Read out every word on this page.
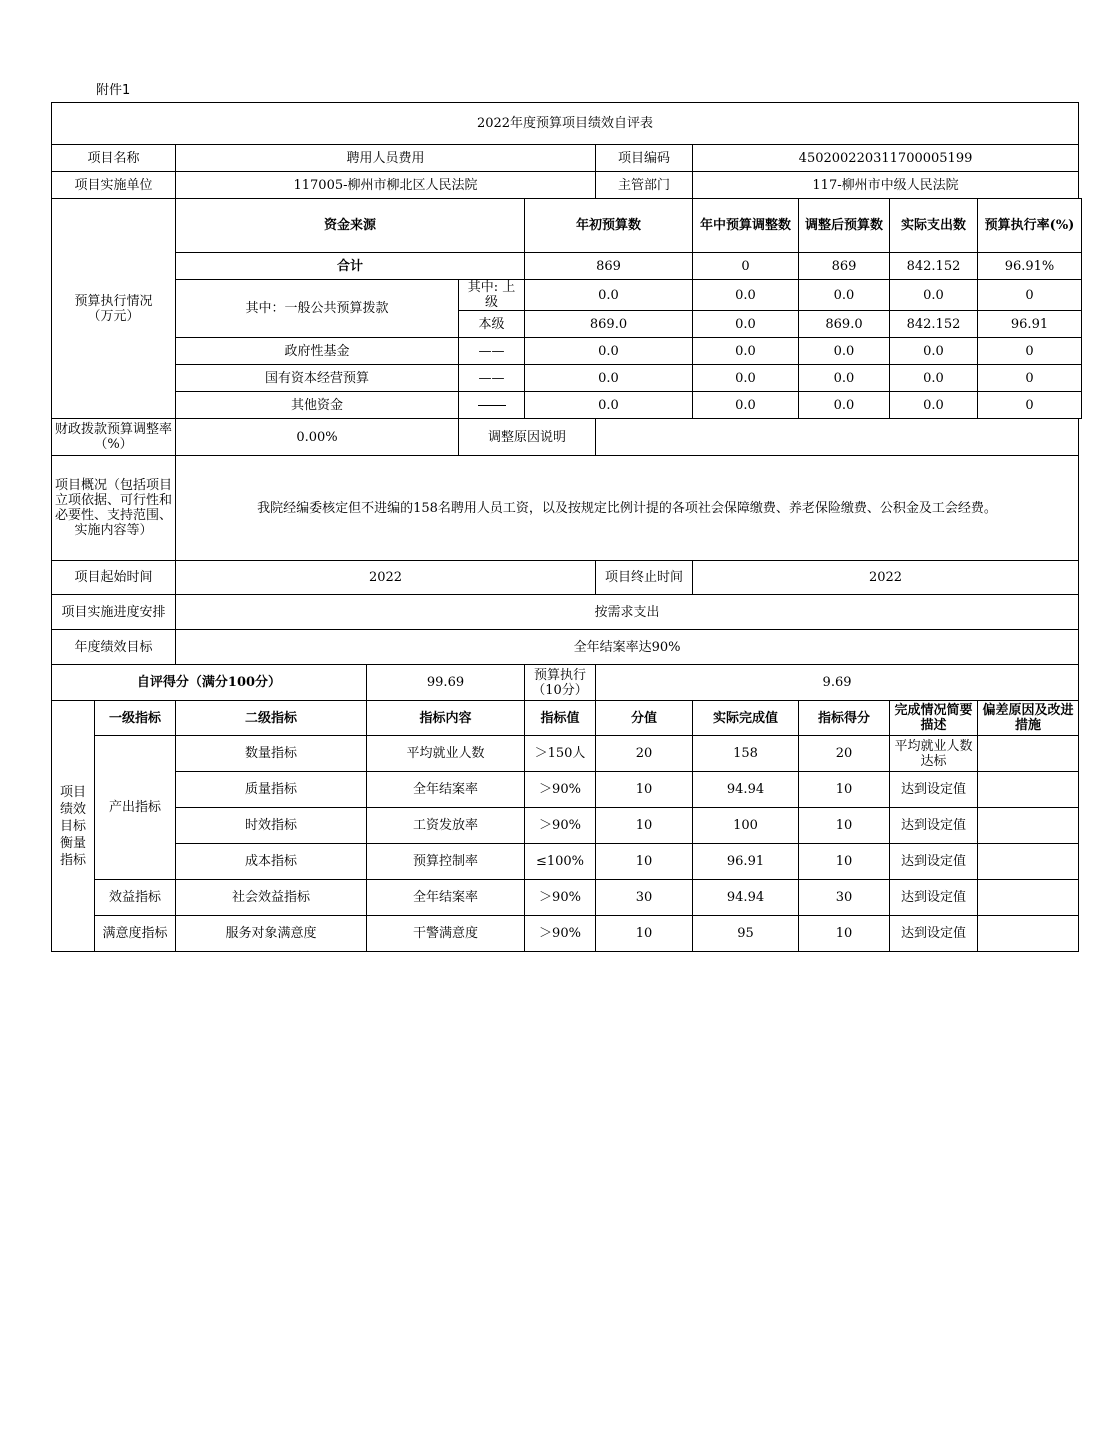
附件1
2022年度预算项目绩效自评表										
项目名称		聘用人员费用				项目编码	450200220311700005199			
项目实施单位		117005-柳州市柳北区人民法院				主管部门	117-柳州市中级人民法院			
预算执行情况
（万元）		资金来源			年初预算数		年中预算调整数	调整后预算数	实际支出数	预算执行率(%)
		合计			869		0	869	842.152	96.91%
		其中：一般公共预算拨款		其中: 上级	0.0		0.0	0.0	0.0	0
				本级	869.0		0.0	869.0	842.152	96.91
		政府性基金		——	0.0		0.0	0.0	0.0	0
		国有资本经营预算		——	0.0		0.0	0.0	0.0	0
		其他资金			0.0		0.0	0.0	0.0	0
财政拨款预算调整率（%）		0.00%		调整原因说明						
项目概况（包括项目立项依据、可行性和必要性、支持范围、实施内容等）		我院经编委核定但不进编的158名聘用人员工资，以及按规定比例计提的各项社会保障缴费、养老保险缴费、公积金及工会经费。								
项目起始时间		2022				项目终止时间	2022			
项目实施进度安排		按需求支出								
年度绩效目标		全年结案率达90%								
自评得分（满分100分）			99.69		预算执行（10分）	9.69				
项目绩效目标衡量指标	一级指标	二级指标	指标内容		指标值	分值	实际完成值	指标得分	完成情况简要描述	偏差原因及改进措施
	产出指标	数量指标	平均就业人数		＞150人	20	158	20	平均就业人数达标	
		质量指标	全年结案率		＞90%	10	94.94	10	达到设定值	
		时效指标	工资发放率		＞90%	10	100	10	达到设定值	
		成本指标	预算控制率		≤100%	10	96.91	10	达到设定值	
	效益指标	社会效益指标	全年结案率		＞90%	30	94.94	30	达到设定值	
	满意度指标	服务对象满意度	干警满意度		＞90%	10	95	10	达到设定值	
